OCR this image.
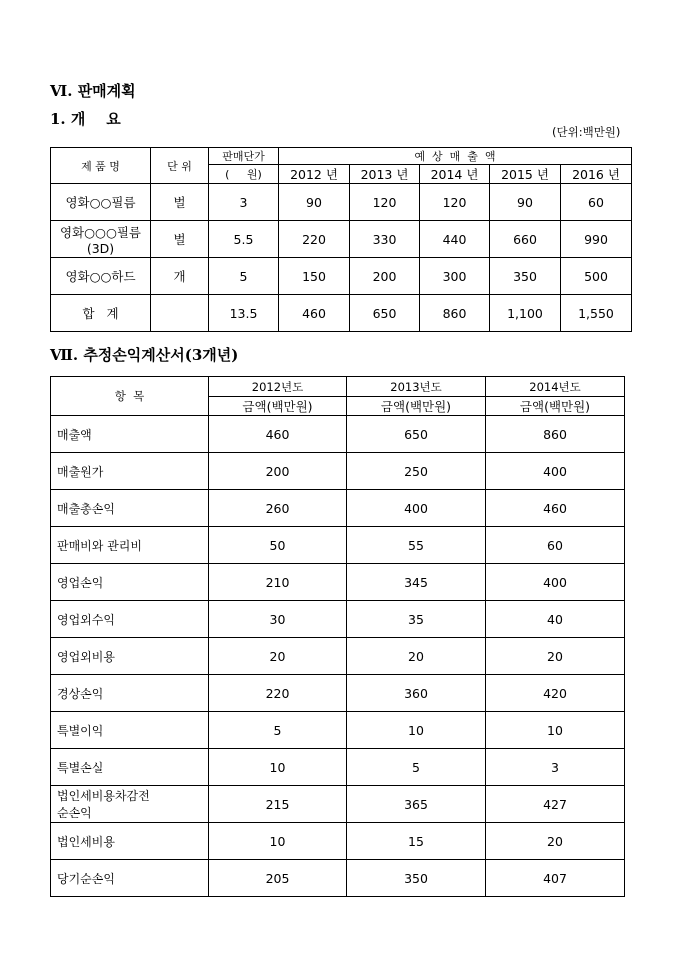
Ⅵ. 판매계획
1. 개    요
(단위:백만원)
제 품 명	단 위	판매단가	예  상  매  출  액				
		(     원)	2012 년	2013 년	2014 년	2015 년	2016 년
영화○○필름	벌	3	90	120	120	90	60
영화○○○필름
(3D)	벌	5.5	220	330	440	660	990
영화○○하드	개	5	150	200	300	350	500
합   계		13.5	460	650	860	1,100	1,550
Ⅶ. 추정손익계산서(3개년)
항  목	2012년도	2013년도	2014년도
	금액(백만원)	금액(백만원)	금액(백만원)
매출액	460	650	860
매출원가	200	250	400
매출총손익	260	400	460
판매비와 관리비	50	55	60
영업손익	210	345	400
영업외수익	30	35	40
영업외비용	20	20	20
경상손익	220	360	420
특별이익	5	10	10
특별손실	10	5	3
법인세비용차감전
순손익	215	365	427
법인세비용	10	15	20
당기순손익	205	350	407
